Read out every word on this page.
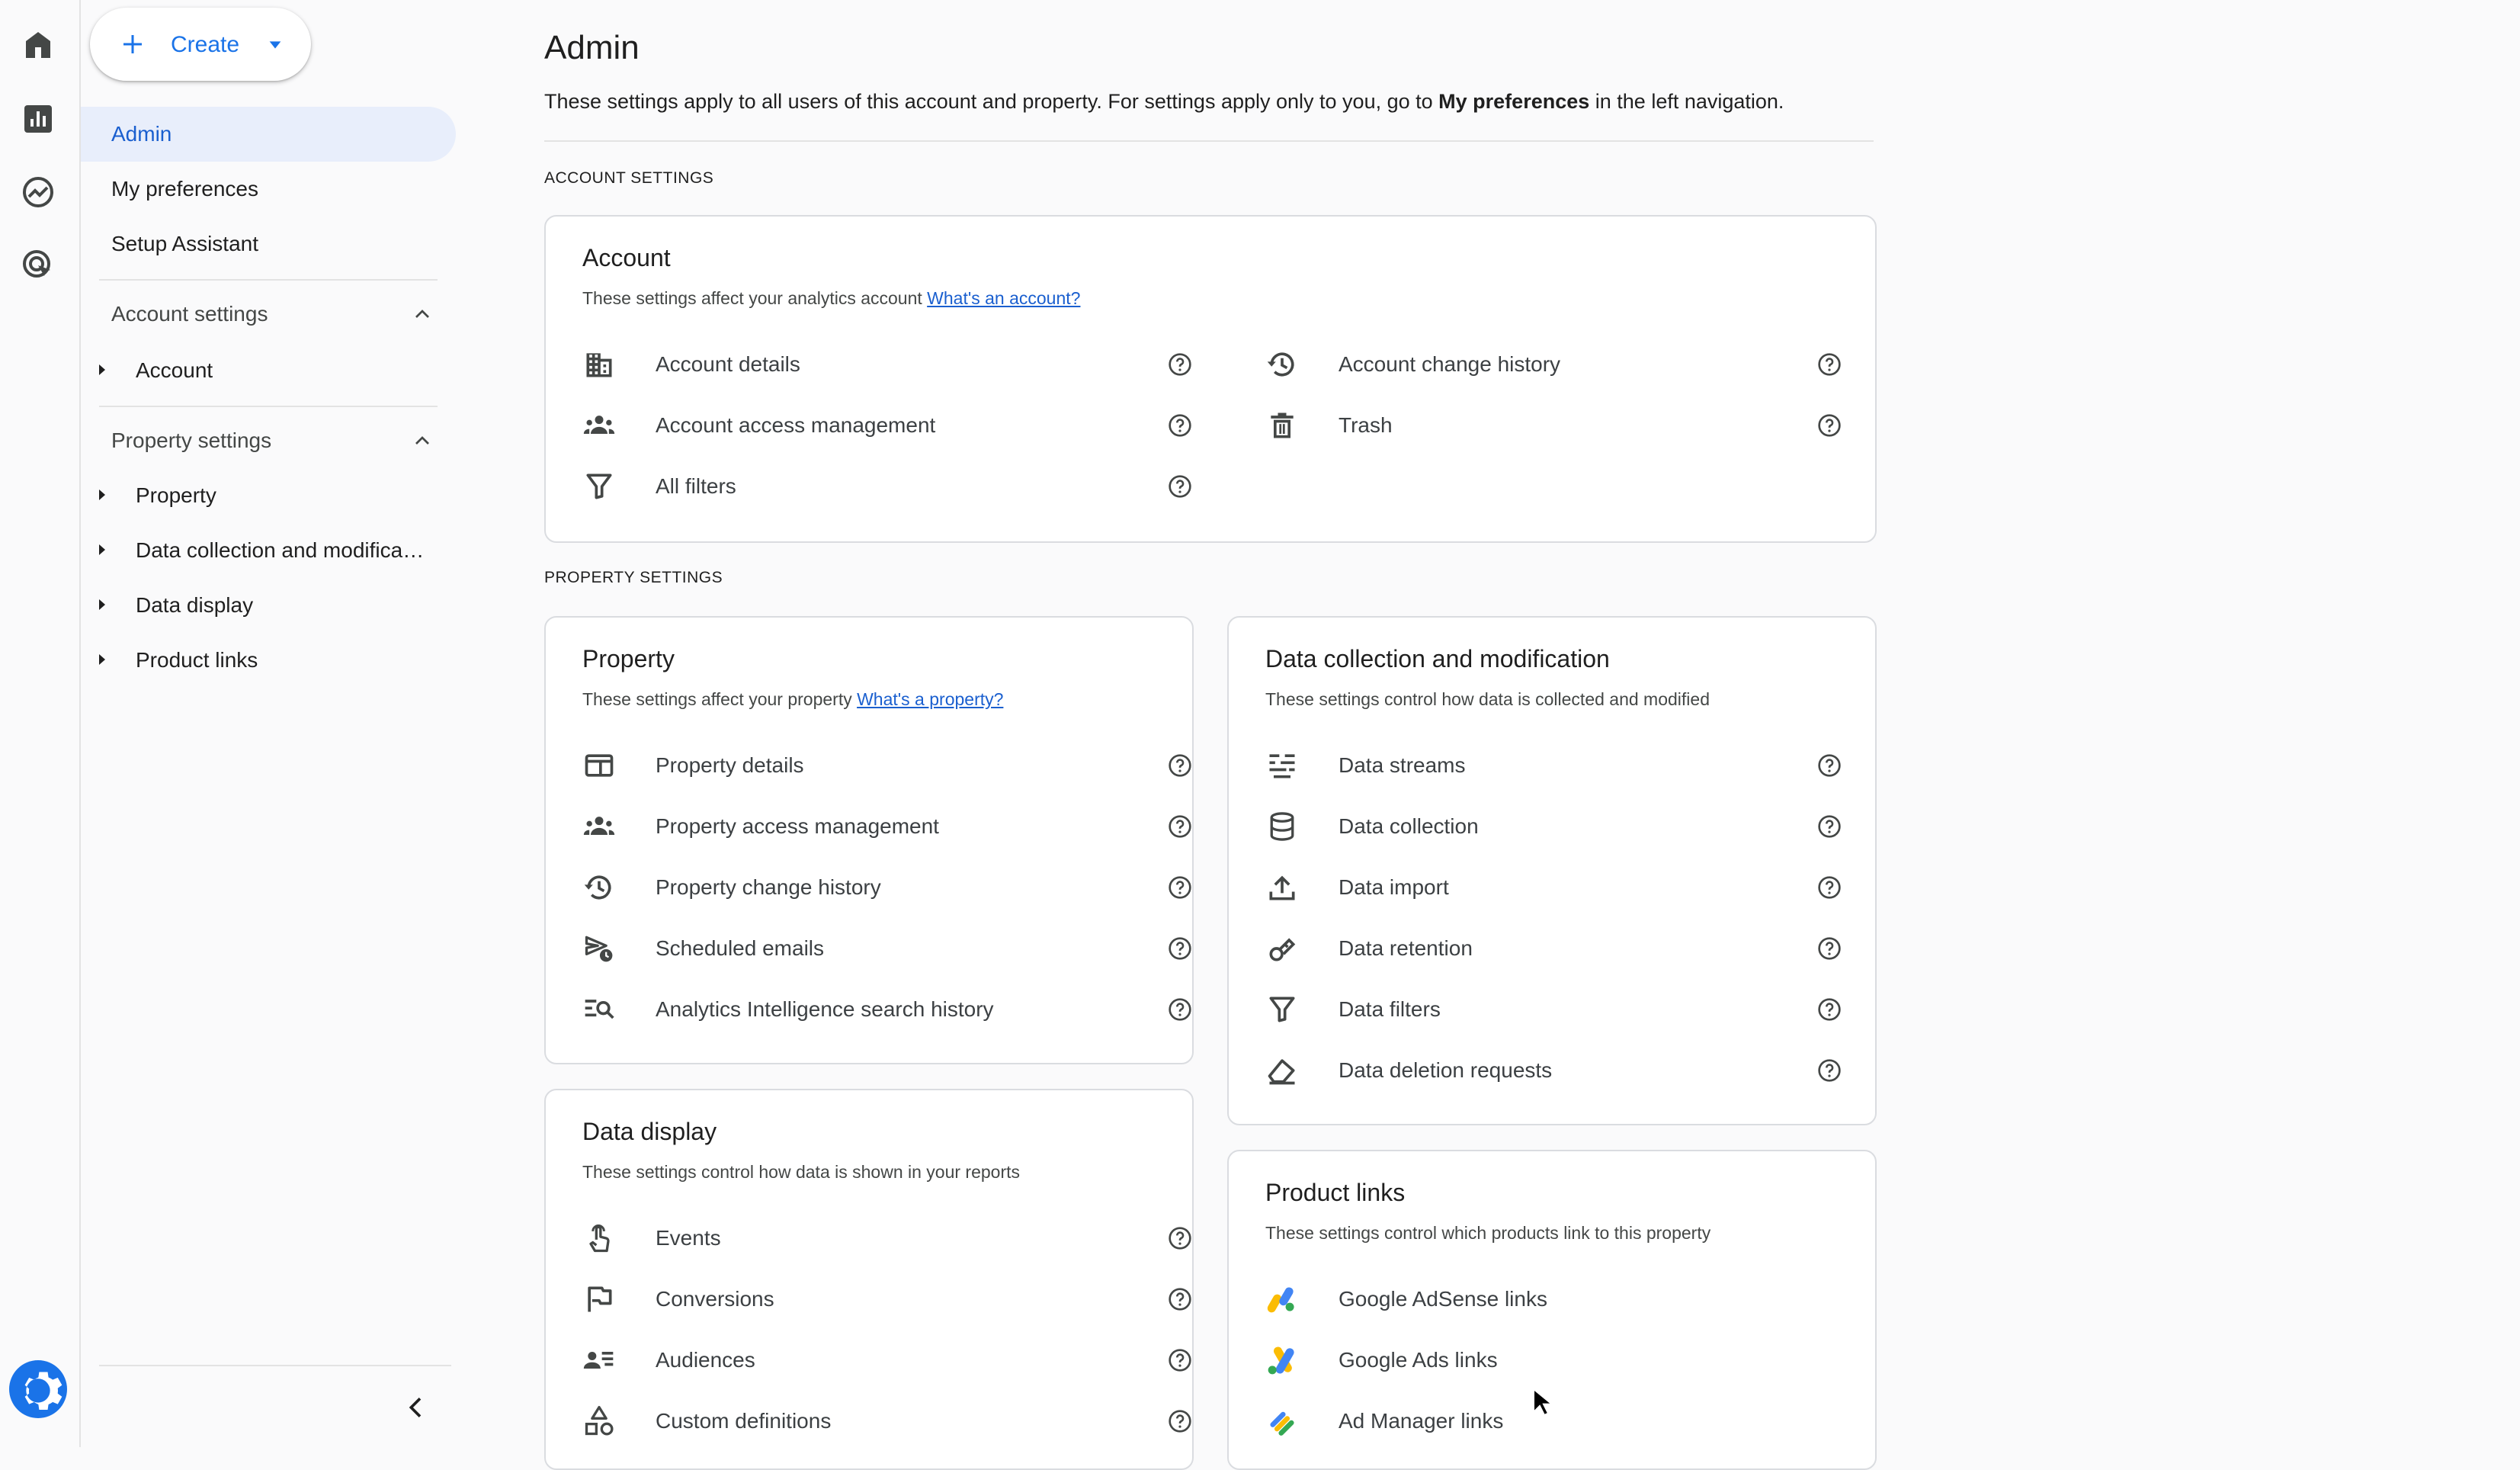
Create
Admin
My preferences
Setup Assistant
Account settings
Account
Property settings
Property
Data collection and modifica…
Data display
Product links
Admin
These settings apply to all users of this account and property. For settings apply only to you, go to My preferences in the left navigation.
ACCOUNT SETTINGS
Account
These settings affect your analytics account What's an account?
Account details
Account access management
All filters
Account change history
Trash
PROPERTY SETTINGS
Property
These settings affect your property What's a property?
Property details
Property access management
Property change history
Scheduled emails
Analytics Intelligence search history
Data collection and modification
These settings control how data is collected and modified
Data streams
Data collection
Data import
Data retention
Data filters
Data deletion requests
Data display
These settings control how data is shown in your reports
Events
Conversions
Audiences
Custom definitions
Product links
These settings control which products link to this property
Google AdSense links
Google Ads links
Ad Manager links
